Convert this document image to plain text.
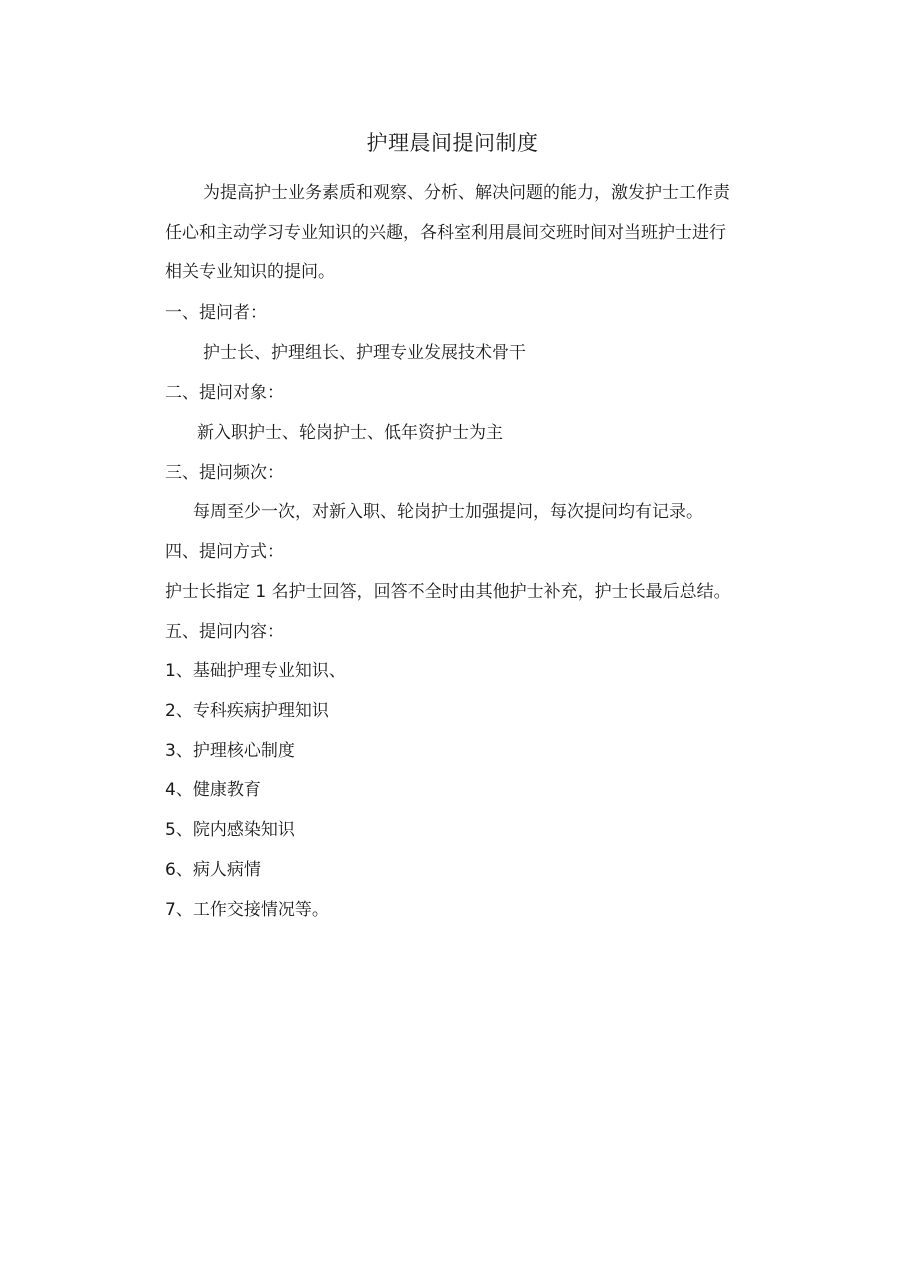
护理晨间提问制度
为提高护士业务素质和观察、分析、解决问题的能力，激发护士工作责
任心和主动学习专业知识的兴趣，各科室利用晨间交班时间对当班护士进行
相关专业知识的提问。
一、提问者：
护士长、护理组长、护理专业发展技术骨干
二、提问对象：
新入职护士、轮岗护士、低年资护士为主
三、提问频次：
每周至少一次，对新入职、轮岗护士加强提问，每次提问均有记录。
四、提问方式：
护士长指定 1 名护士回答，回答不全时由其他护士补充，护士长最后总结。
五、提问内容：
1、基础护理专业知识、
2、专科疾病护理知识
3、护理核心制度
4、健康教育
5、院内感染知识
6、病人病情
7、工作交接情况等。
